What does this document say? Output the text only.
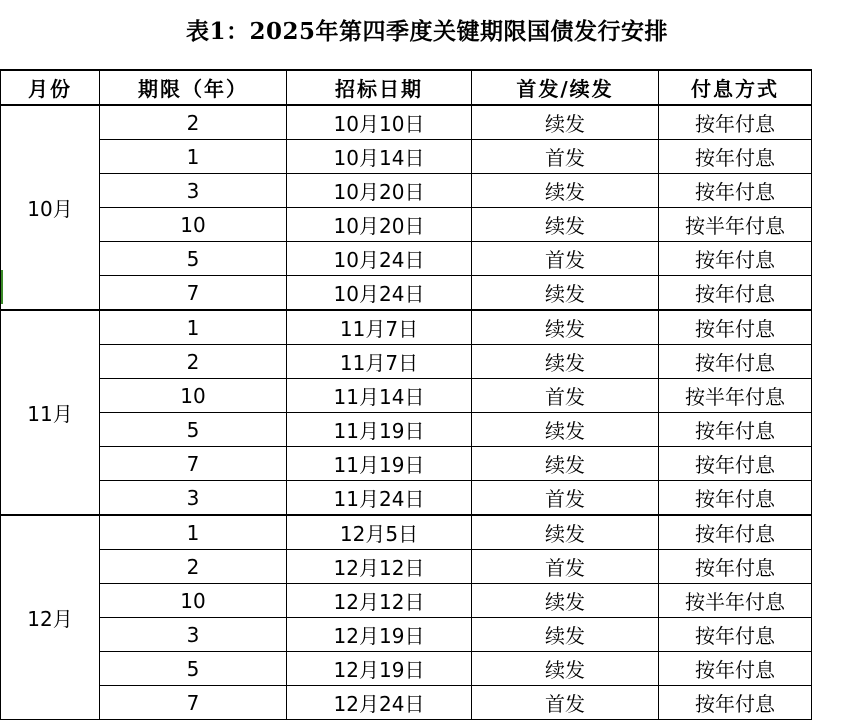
表1：2025年第四季度关键期限国债发行安排
月份	期限（年）	招标日期	首发/续发	付息方式
10月	2	10月10日	续发	按年付息
	1	10月14日	首发	按年付息
	3	10月20日	续发	按年付息
	10	10月20日	续发	按半年付息
	5	10月24日	首发	按年付息
	7	10月24日	续发	按年付息
11月	1	11月7日	续发	按年付息
	2	11月7日	续发	按年付息
	10	11月14日	首发	按半年付息
	5	11月19日	续发	按年付息
	7	11月19日	续发	按年付息
	3	11月24日	首发	按年付息
12月	1	12月5日	续发	按年付息
	2	12月12日	首发	按年付息
	10	12月12日	续发	按半年付息
	3	12月19日	续发	按年付息
	5	12月19日	续发	按年付息
	7	12月24日	首发	按年付息
